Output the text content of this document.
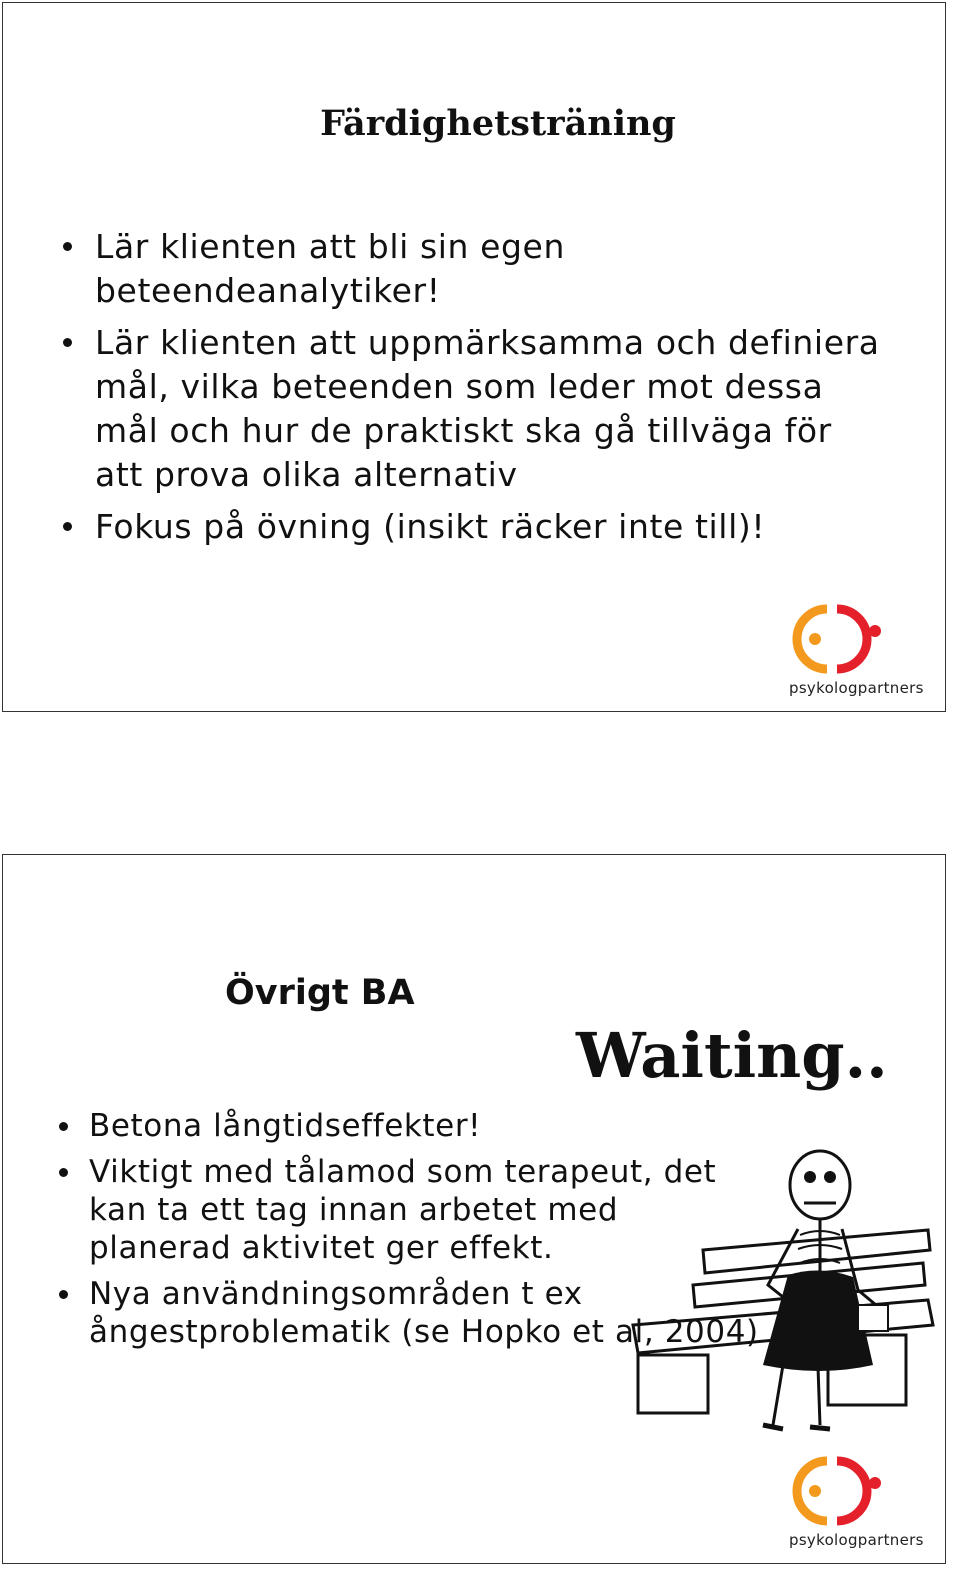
Färdighetsträning
Lär klienten att bli sin egen beteendeanalytiker!
Lär klienten att uppmärksamma och definiera mål, vilka beteenden som leder mot dessa mål och hur de praktiskt ska gå tillväga för att prova olika alternativ
Fokus på övning (insikt räcker inte till)!
psykologpartners
Övrigt BA
Betona långtidseffekter!
Viktigt med tålamod som terapeut, det kan ta ett tag innan arbetet med planerad aktivitet ger effekt.
Nya användningsområden t ex ångestproblematik (se Hopko et al, 2004)
Waiting..
psykologpartners
